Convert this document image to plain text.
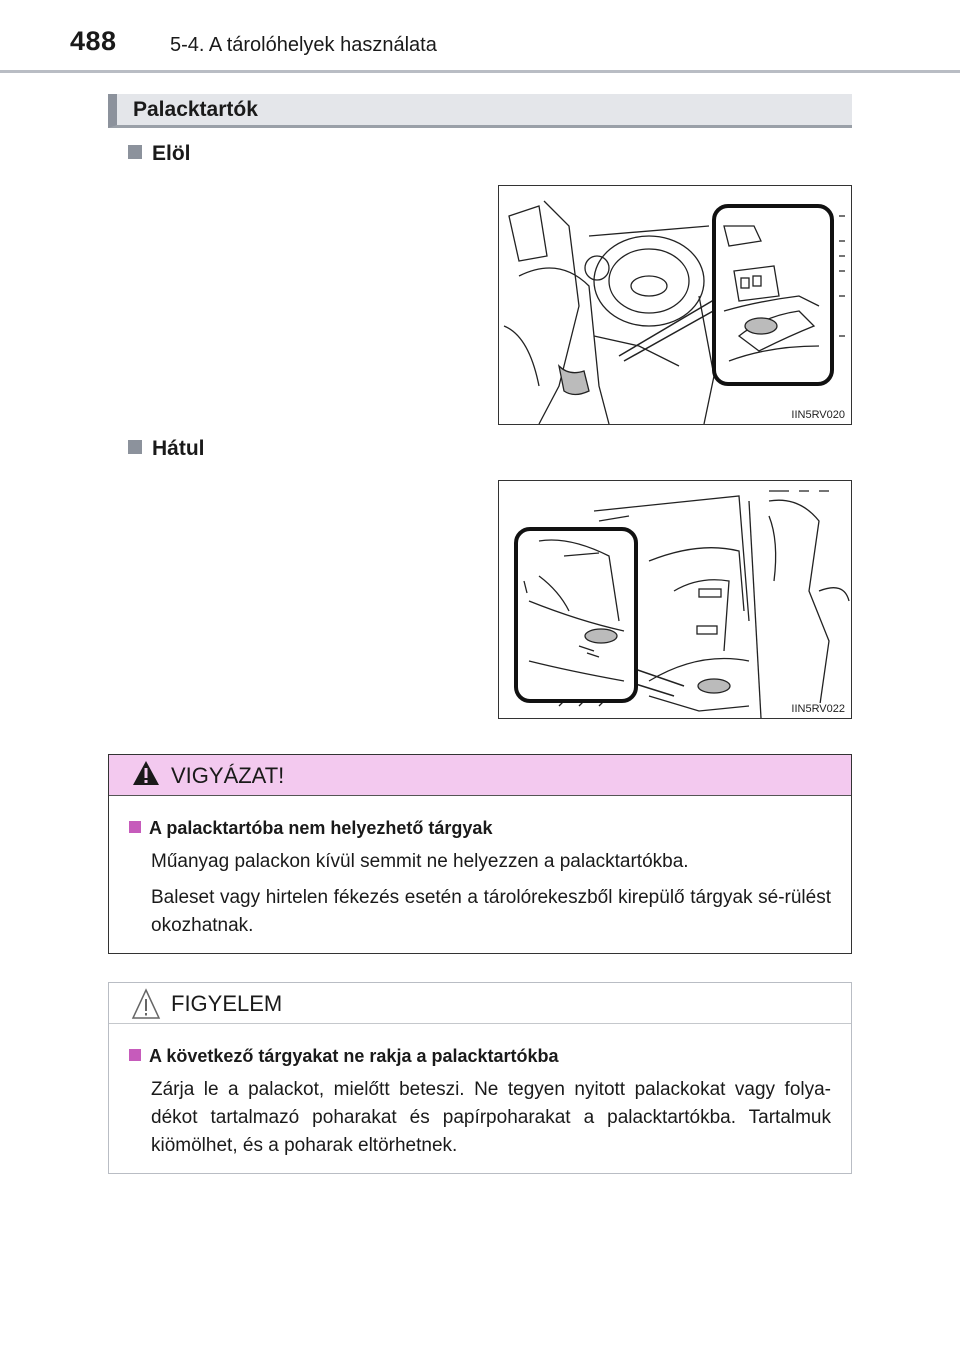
488	5-4. A tárolóhelyek használata
Palacktartók
Elöl
IIN5RV020
Hátul
IIN5RV022
VIGYÁZAT!
A palacktartóba nem helyezhető tárgyak
Műanyag palackon kívül semmit ne helyezzen a palacktartókba.
Baleset vagy hirtelen fékezés esetén a tárolórekeszből kirepülő tárgyak sé-rülést okozhatnak.
FIGYELEM
A következő tárgyakat ne rakja a palacktartókba
Zárja le a palackot, mielőtt beteszi. Ne tegyen nyitott palackokat vagy folya-dékot tartalmazó poharakat és papírpoharakat a palacktartókba. Tartalmuk kiömölhet, és a poharak eltörhetnek.
